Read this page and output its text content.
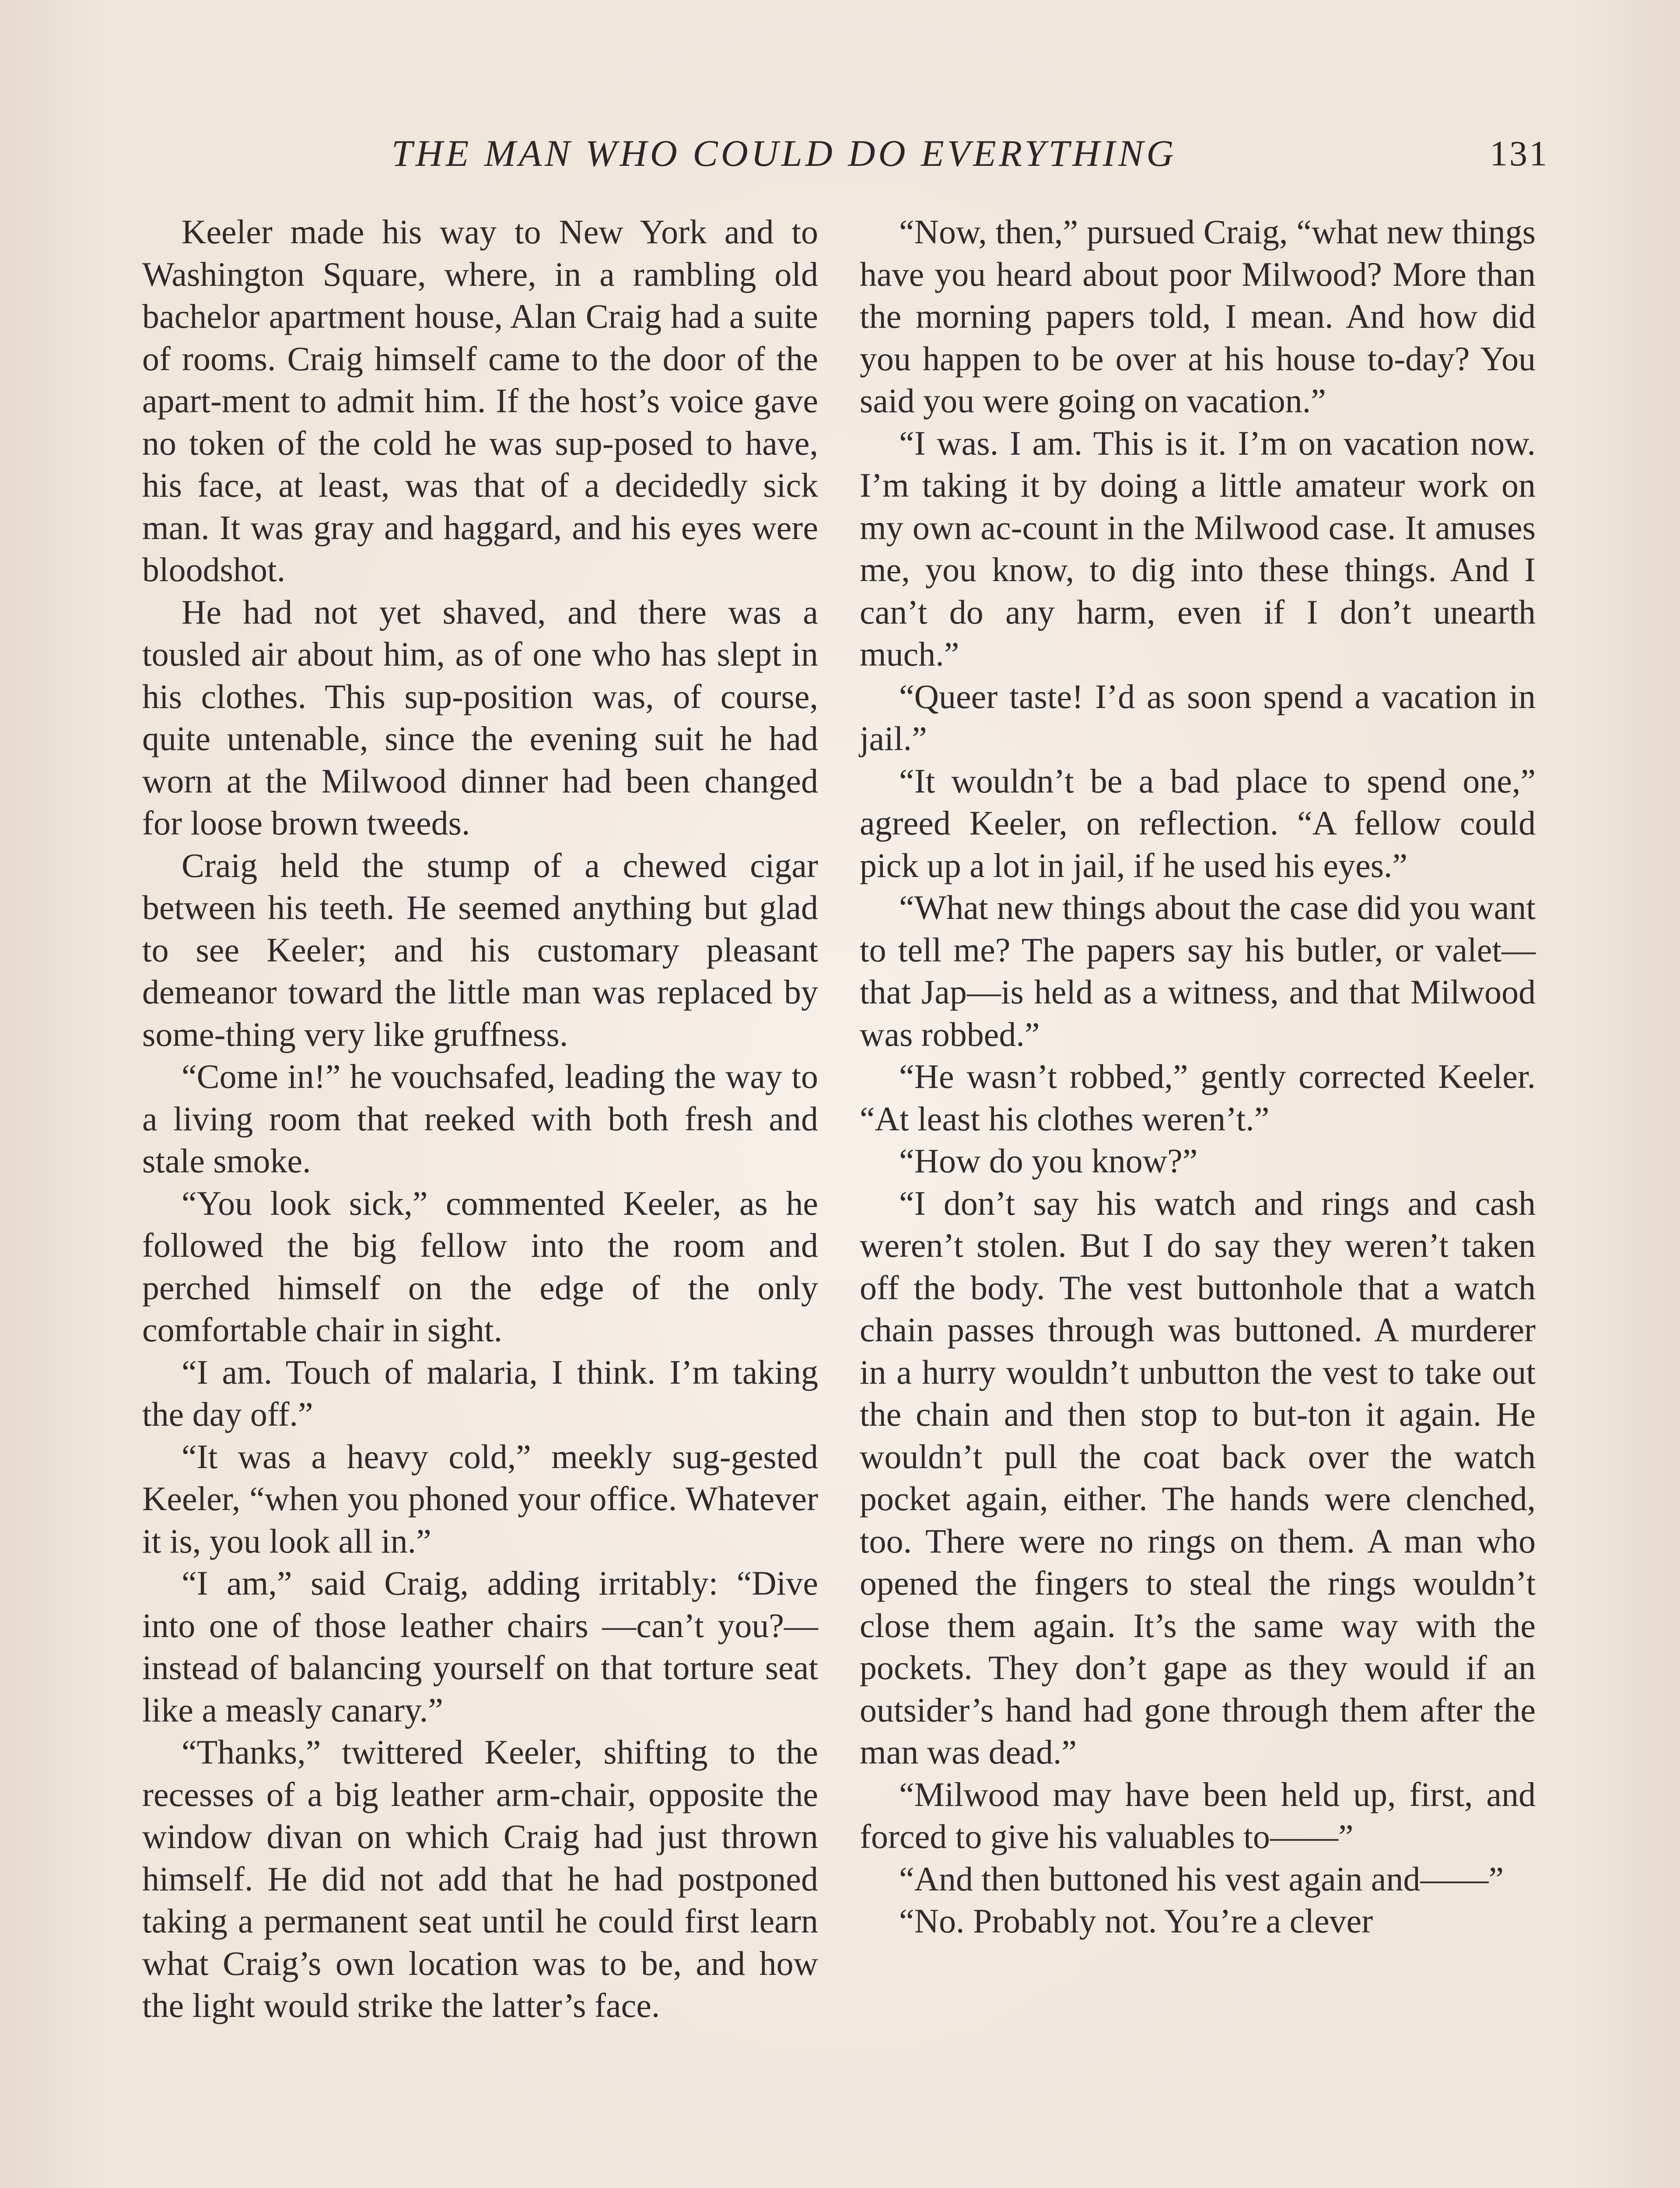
THE MAN WHO COULD DO EVERYTHING	131

Keeler made his way to New York and to Washington Square, where, in a rambling old bachelor apartment house, Alan Craig had a suite of rooms. Craig himself came to the door of the apart-ment to admit him. If the host’s voice gave no token of the cold he was sup-posed to have, his face, at least, was that of a decidedly sick man. It was gray and haggard, and his eyes were bloodshot.

He had not yet shaved, and there was a tousled air about him, as of one who has slept in his clothes. This sup-position was, of course, quite untenable, since the evening suit he had worn at the Milwood dinner had been changed for loose brown tweeds.

Craig held the stump of a chewed cigar between his teeth. He seemed anything but glad to see Keeler; and his customary pleasant demeanor toward the little man was replaced by some-thing very like gruffness.

“Come in!” he vouchsafed, leading the way to a living room that reeked with both fresh and stale smoke.

“You look sick,” commented Keeler, as he followed the big fellow into the room and perched himself on the edge of the only comfortable chair in sight.

“I am. Touch of malaria, I think. I’m taking the day off.”

“It was a heavy cold,” meekly sug-gested Keeler, “when you phoned your office. Whatever it is, you look all in.”

“I am,” said Craig, adding irritably: “Dive into one of those leather chairs —can’t you?—instead of balancing yourself on that torture seat like a measly canary.”

“Thanks,” twittered Keeler, shifting to the recesses of a big leather arm-chair, opposite the window divan on which Craig had just thrown himself. He did not add that he had postponed taking a permanent seat until he could first learn what Craig’s own location was to be, and how the light would strike the latter’s face.

“Now, then,” pursued Craig, “what new things have you heard about poor Milwood? More than the morning papers told, I mean. And how did you happen to be over at his house to-day? You said you were going on vacation.”

“I was. I am. This is it. I’m on vacation now. I’m taking it by doing a little amateur work on my own ac-count in the Milwood case. It amuses me, you know, to dig into these things. And I can’t do any harm, even if I don’t unearth much.”

“Queer taste! I’d as soon spend a vacation in jail.”

“It wouldn’t be a bad place to spend one,” agreed Keeler, on reflection. “A fellow could pick up a lot in jail, if he used his eyes.”

“What new things about the case did you want to tell me? The papers say his butler, or valet—that Jap—is held as a witness, and that Milwood was robbed.”

“He wasn’t robbed,” gently corrected Keeler. “At least his clothes weren’t.”

“How do you know?”

“I don’t say his watch and rings and cash weren’t stolen. But I do say they weren’t taken off the body. The vest buttonhole that a watch chain passes through was buttoned. A murderer in a hurry wouldn’t unbutton the vest to take out the chain and then stop to but-ton it again. He wouldn’t pull the coat back over the watch pocket again, either. The hands were clenched, too. There were no rings on them. A man who opened the fingers to steal the rings wouldn’t close them again. It’s the same way with the pockets. They don’t gape as they would if an outsider’s hand had gone through them after the man was dead.”

“Milwood may have been held up, first, and forced to give his valuables to——”

“And then buttoned his vest again and——”

“No. Probably not. You’re a clever
